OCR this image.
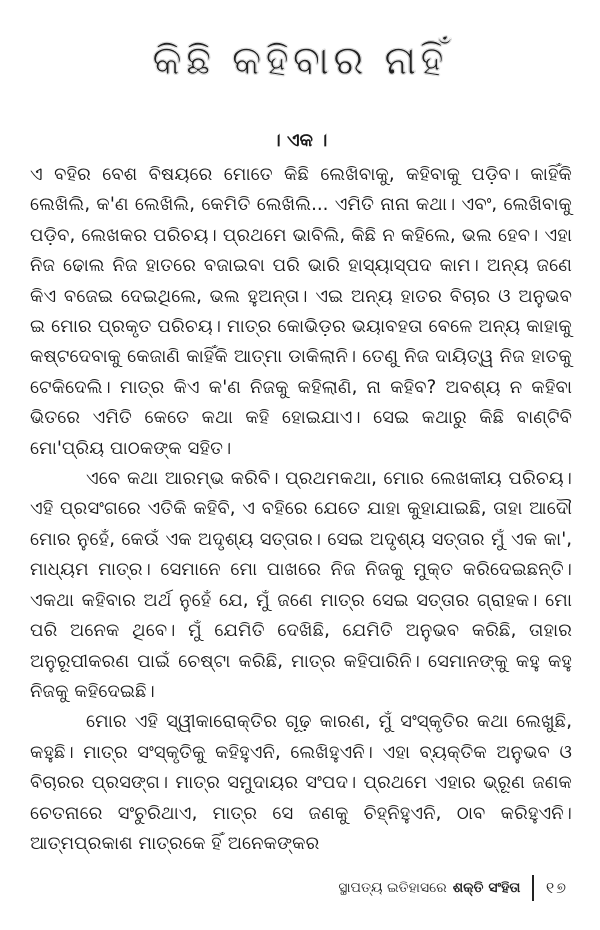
କିଛି କହିବାର ନାହିଁ
। ଏକ ।

ଏ ବହିର ବେଶ ବିଷୟରେ ମୋତେ କିଛି ଲେଖିବାକୁ, କହିବାକୁ ପଡ଼ିବ। କାହିଁକି ଲେଖିଲି, କ'ଣ ଲେଖିଲି, କେମିତି ଲେଖିଲି... ଏମିତି ନାନା କଥା। ଏବଂ, ଲେଖିବାକୁ ପଡ଼ିବ, ଲେଖକର ପରିଚୟ। ପ୍ରଥମେ ଭାବିଲି, କିଛି ନ କହିଲେ, ଭଲ ହେବ। ଏହା ନିଜ ଢୋଲ ନିଜ ହାତରେ ବଜାଇବା ପରି ଭାରି ହାସ୍ୟାସ୍ପଦ କାମ। ଅନ୍ୟ ଜଣେ କିଏ ବଜେଇ ଦେଇଥିଲେ, ଭଲ ହୁଅନ୍ତା। ଏଇ ଅନ୍ୟ ହାତର ବିଚାର ଓ ଅନୁଭବ ଇ ମୋର ପ୍ରକୃତ ପରିଚୟ। ମାତ୍ର କୋଭିଡ଼ର ଭୟାବହତା ବେଳେ ଅନ୍ୟ କାହାକୁ କଷ୍ଟଦେବାକୁ କେଜାଣି କାହିଁକି ଆତ୍ମା ଡାକିଲାନି। ତେଣୁ ନିଜ ଦାୟିତ୍ୱ ନିଜ ହାତକୁ ଟେକିଦେଲି। ମାତ୍ର କିଏ କ'ଣ ନିଜକୁ କହିଲାଣି, ନା କହିବ? ଅବଶ୍ୟ ନ କହିବା ଭିତରେ ଏମିତି କେତେ କଥା କହି ହୋଇଯାଏ। ସେଇ କଥାରୁ କିଛି ବାଣ୍ଟିବି ମୋ'ପ୍ରିୟ ପାଠକଙ୍କ ସହିତ।

ଏବେ କଥା ଆରମ୍ଭ କରିବି। ପ୍ରଥମକଥା, ମୋର ଲେଖକୀୟ ପରିଚୟ। ଏହି ପ୍ରସଂଗରେ ଏତିକି କହିବି, ଏ ବହିରେ ଯେତେ ଯାହା କୁହାଯାଇଛି, ତାହା ଆଦୌ ମୋର ନୁହେଁ, କେଉଁ ଏକ ଅଦୃଶ୍ୟ ସତ୍ତାର। ସେଇ ଅଦୃଶ୍ୟ ସତ୍ତାର ମୁଁ ଏକ କା', ମାଧ୍ୟମ ମାତ୍ର। ସେମାନେ ମୋ ପାଖରେ ନିଜ ନିଜକୁ ମୁକ୍ତ କରିଦେଇଛନ୍ତି। ଏକଥା କହିବାର ଅର୍ଥ ନୁହେଁ ଯେ, ମୁଁ ଜଣେ ମାତ୍ର ସେଇ ସତ୍ତାର ଗ୍ରାହକ। ମୋ ପରି ଅନେକ ଥିବେ। ମୁଁ ଯେମିତି ଦେଖିଛି, ଯେମିତି ଅନୁଭବ କରିଛି, ତାହାର ଅନୁରୂପୀକରଣ ପାଇଁ ଚେଷ୍ଟା କରିଛି, ମାତ୍ର କହିପାରିନି। ସେମାନଙ୍କୁ କହୁ କହୁ ନିଜକୁ କହିଦେଇଛି।

ମୋର ଏହି ସ୍ୱୀକାରୋକ୍ତିର ଗୂଢ଼ କାରଣ, ମୁଁ ସଂସ୍କୃତିର କଥା ଲେଖୁଛି, କହୁଛି। ମାତ୍ର ସଂସ୍କୃତିକୁ କହିହୁଏନି, ଲେଖିହୁଏନି। ଏହା ବ୍ୟକ୍ତିକ ଅନୁଭବ ଓ ବିଚାରର ପ୍ରସଙ୍ଗ। ମାତ୍ର ସମୁଦାୟର ସଂପଦ। ପ୍ରଥମେ ଏହାର ଭ୍ରୂଣ ଜଣକ ଚେତନାରେ ସଂଚୁରିଥାଏ, ମାତ୍ର ସେ ଜଣକୁ ଚିହ୍ନିହୁଏନି, ଠାବ କରିହୁଏନି। ଆତ୍ମପ୍ରକାଶ ମାତ୍ରକେ ହିଁ ଅନେକଙ୍କର

ସ୍ଥାପତ୍ୟ ଇତିହାସରେ ଶକ୍ତି ସଂହିତା ୧୭
